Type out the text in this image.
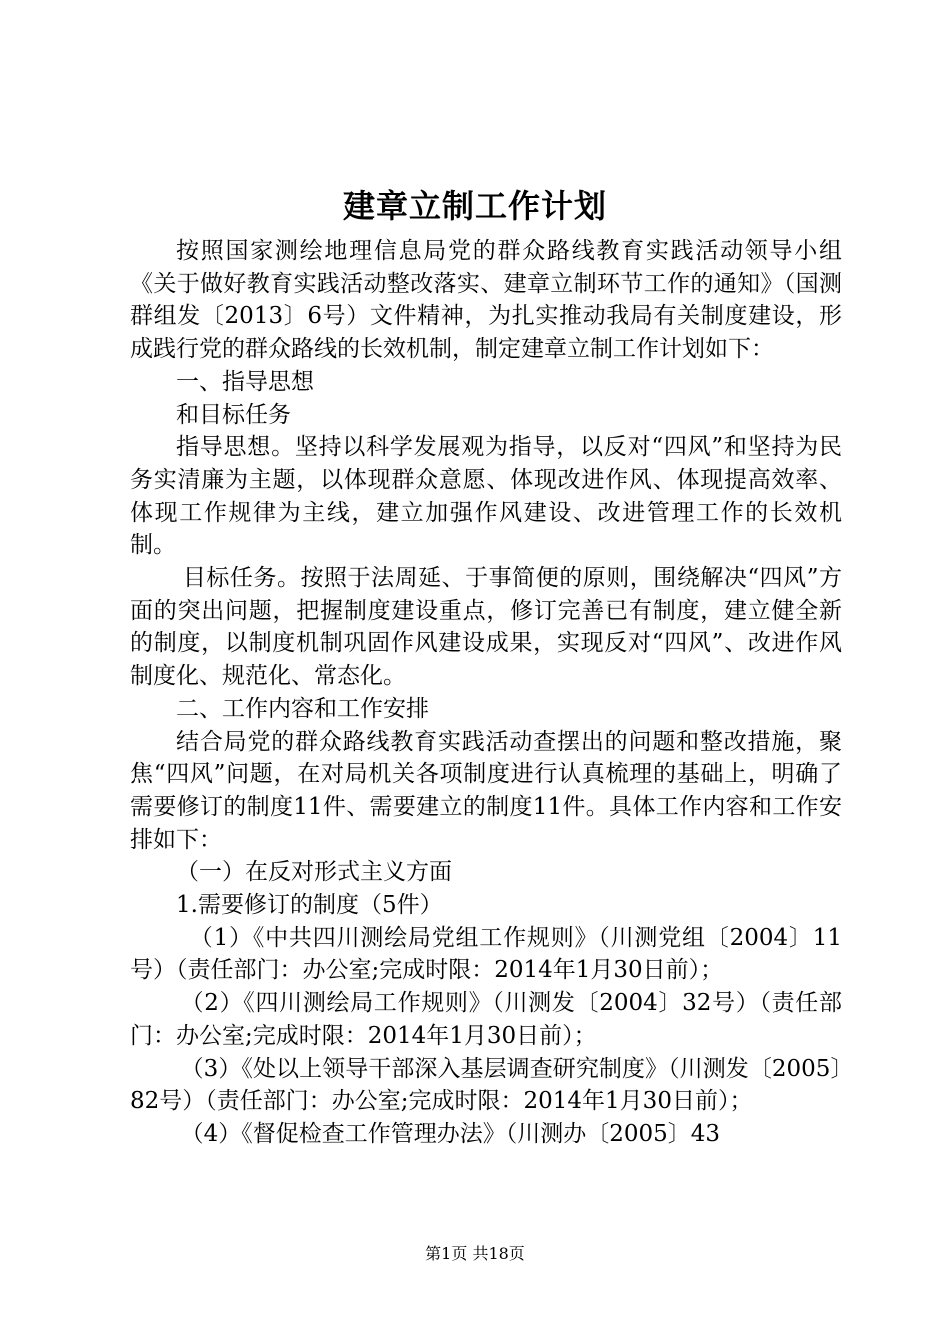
建章立制工作计划

按照国家测绘地理信息局党的群众路线教育实践活动领导小组《关于做好教育实践活动整改落实、建章立制环节工作的通知》（国测群组发〔2013〕6号）文件精神，为扎实推动我局有关制度建设，形成践行党的群众路线的长效机制，制定建章立制工作计划如下：

一、指导思想

和目标任务

指导思想。坚持以科学发展观为指导，以反对“四风”和坚持为民务实清廉为主题，以体现群众意愿、体现改进作风、体现提高效率、体现工作规律为主线，建立加强作风建设、改进管理工作的长效机制。

目标任务。按照于法周延、于事简便的原则，围绕解决“四风”方面的突出问题，把握制度建设重点，修订完善已有制度，建立健全新的制度，以制度机制巩固作风建设成果，实现反对“四风”、改进作风制度化、规范化、常态化。

二、工作内容和工作安排

结合局党的群众路线教育实践活动查摆出的问题和整改措施，聚焦“四风”问题，在对局机关各项制度进行认真梳理的基础上，明确了需要修订的制度11件、需要建立的制度11件。具体工作内容和工作安排如下：

（一）在反对形式主义方面

1.需要修订的制度（5件）

（1）《中共四川测绘局党组工作规则》（川测党组〔2004〕11号）（责任部门：办公室;完成时限：2014年1月30日前）；

（2）《四川测绘局工作规则》（川测发〔2004〕32号）（责任部门：办公室;完成时限：2014年1月30日前）；

（3）《处以上领导干部深入基层调查研究制度》（川测发〔2005〕82号）（责任部门：办公室;完成时限：2014年1月30日前）；

（4）《督促检查工作管理办法》（川测办〔2005〕43

第1页 共18页
